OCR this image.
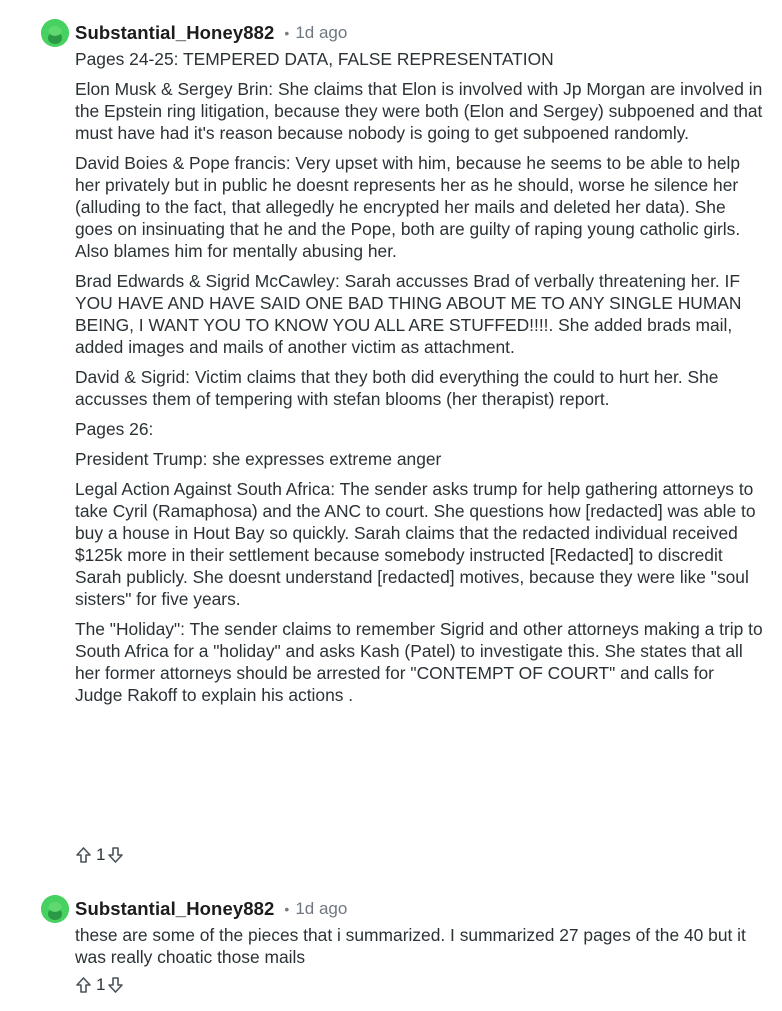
Substantial_Honey882 • 1d ago

Pages 24-25: TEMPERED DATA, FALSE REPRESENTATION

Elon Musk & Sergey Brin: She claims that Elon is involved with Jp Morgan are involved in the Epstein ring litigation, because they were both (Elon and Sergey) subpoened and that must have had it's reason because nobody is going to get subpoened randomly.

David Boies & Pope francis: Very upset with him, because he seems to be able to help her privately but in public he doesnt represents her as he should, worse he silence her (alluding to the fact, that allegedly he encrypted her mails and deleted her data). She goes on insinuating that he and the Pope, both are guilty of raping young catholic girls. Also blames him for mentally abusing her.

Brad Edwards & Sigrid McCawley: Sarah accusses Brad of verbally threatening her. IF YOU HAVE AND HAVE SAID ONE BAD THING ABOUT ME TO ANY SINGLE HUMAN BEING, I WANT YOU TO KNOW YOU ALL ARE STUFFED!!!!. She added brads mail, added images and mails of another victim as attachment.

David & Sigrid: Victim claims that they both did everything the could to hurt her. She accusses them of tempering with stefan blooms (her therapist) report.

Pages 26:

President Trump: she expresses extreme anger

Legal Action Against South Africa: The sender asks trump for help gathering attorneys to take Cyril (Ramaphosa) and the ANC to court. She questions how [redacted] was able to buy a house in Hout Bay so quickly. Sarah claims that the redacted individual received $125k more in their settlement because somebody instructed [Redacted] to discredit Sarah publicly. She doesnt understand [redacted] motives, because they were like "soul sisters" for five years.

The "Holiday": The sender claims to remember Sigrid and other attorneys making a trip to South Africa for a "holiday" and asks Kash (Patel) to investigate this. She states that all her former attorneys should be arrested for "CONTEMPT OF COURT" and calls for Judge Rakoff to explain his actions .

1
Substantial_Honey882 • 1d ago

these are some of the pieces that i summarized. I summarized 27 pages of the 40 but it was really choatic those mails

1
